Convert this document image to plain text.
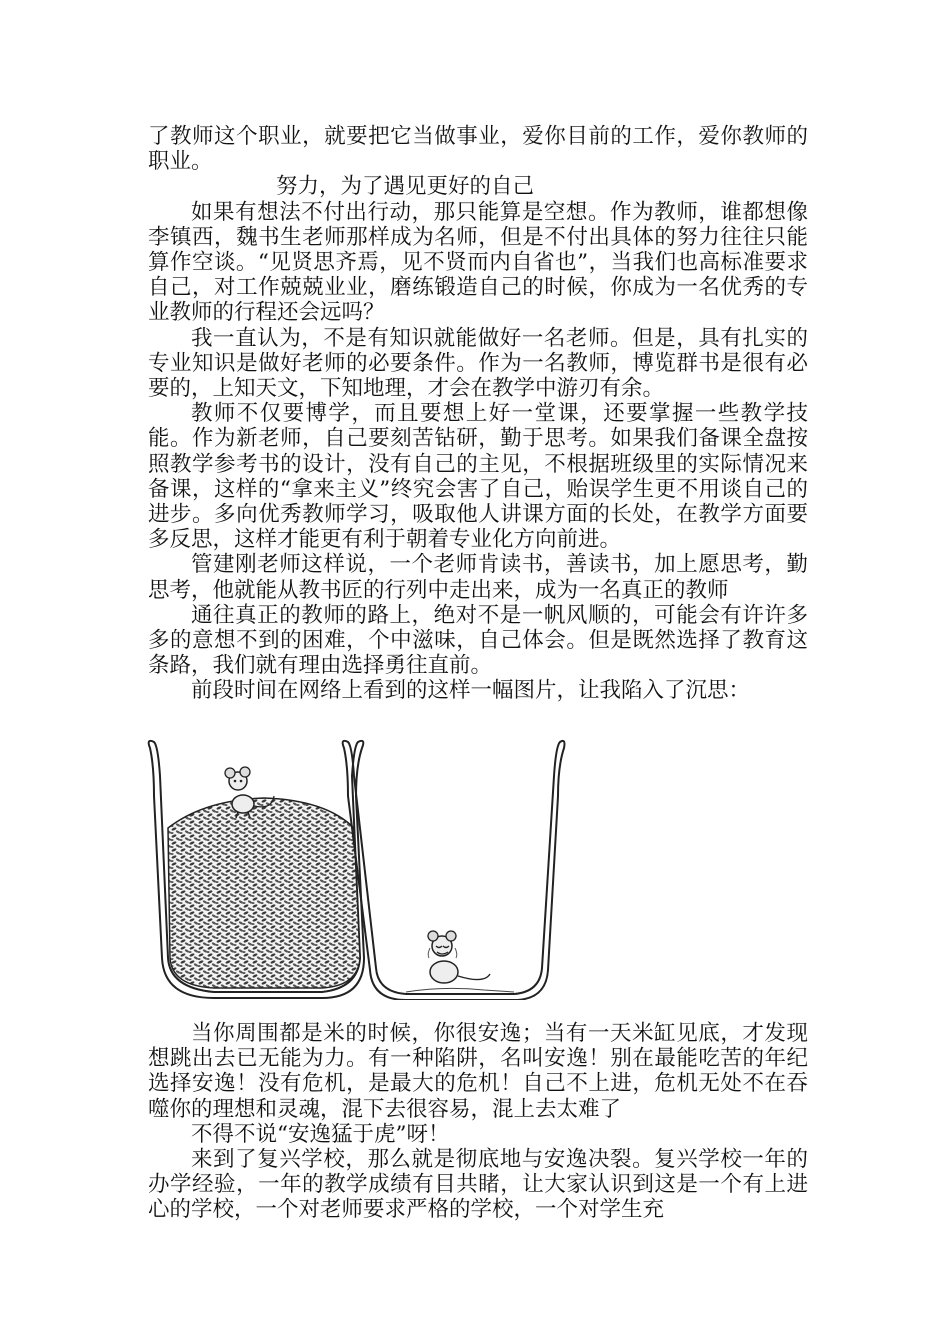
了教师这个职业，就要把它当做事业，爱你目前的工作，爱你教师的职业。

努力，为了遇见更好的自己

如果有想法不付出行动，那只能算是空想。作为教师，谁都想像李镇西，魏书生老师那样成为名师，但是不付出具体的努力往往只能算作空谈。“见贤思齐焉，见不贤而内自省也”，当我们也高标准要求自己，对工作兢兢业业，磨练锻造自己的时候，你成为一名优秀的专业教师的行程还会远吗？

我一直认为，不是有知识就能做好一名老师。但是，具有扎实的专业知识是做好老师的必要条件。作为一名教师，博览群书是很有必要的，上知天文，下知地理，才会在教学中游刃有余。

教师不仅要博学，而且要想上好一堂课，还要掌握一些教学技能。作为新老师，自己要刻苦钻研，勤于思考。如果我们备课全盘按照教学参考书的设计，没有自己的主见，不根据班级里的实际情况来备课，这样的“拿来主义”终究会害了自己，贻误学生更不用谈自己的进步。多向优秀教师学习，吸取他人讲课方面的长处，在教学方面要多反思，这样才能更有利于朝着专业化方向前进。

管建刚老师这样说，一个老师肯读书，善读书，加上愿思考，勤思考，他就能从教书匠的行列中走出来，成为一名真正的教师

通往真正的教师的路上，绝对不是一帆风顺的，可能会有许许多多的意想不到的困难，个中滋味，自己体会。但是既然选择了教育这条路，我们就有理由选择勇往直前。

前段时间在网络上看到的这样一幅图片，让我陷入了沉思：

当你周围都是米的时候，你很安逸；当有一天米缸见底，才发现想跳出去已无能为力。有一种陷阱，名叫安逸！别在最能吃苦的年纪选择安逸！没有危机，是最大的危机！自己不上进，危机无处不在吞噬你的理想和灵魂，混下去很容易，混上去太难了

不得不说“安逸猛于虎”呀！

来到了复兴学校，那么就是彻底地与安逸决裂。复兴学校一年的办学经验，一年的教学成绩有目共睹，让大家认识到这是一个有上进心的学校，一个对老师要求严格的学校，一个对学生充
